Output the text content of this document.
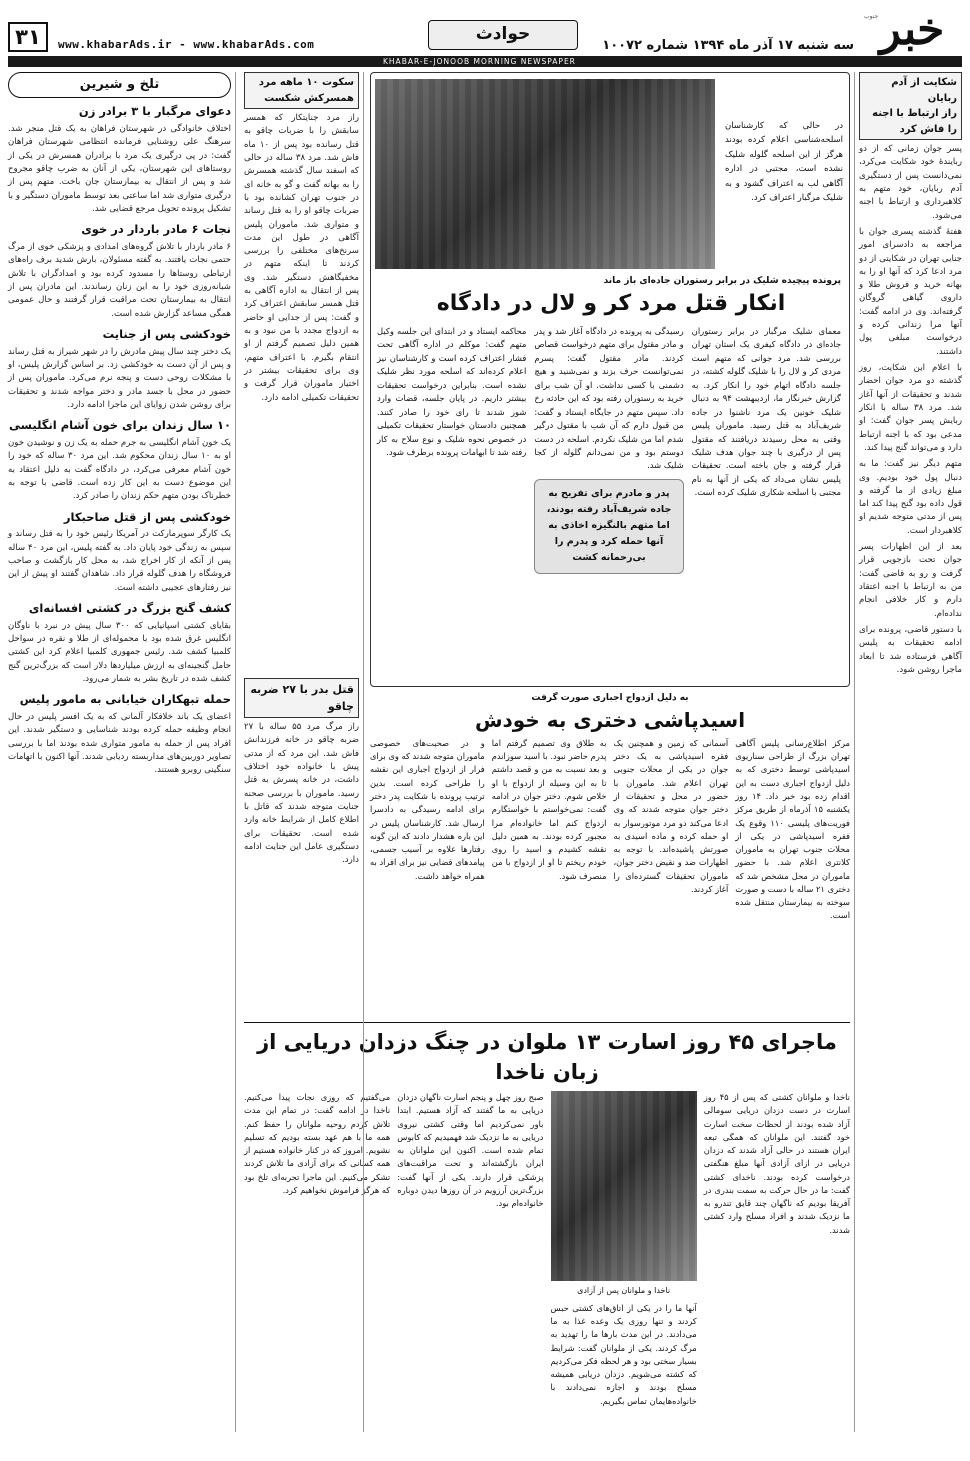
خبر
جنوب
سه شنبه ۱۷ آذر ماه ۱۳۹۴ شماره ۱۰۰۷۲
حوادث
www.khabarAds.ir - www.khabarAds.com
۳۱
KHABAR-E-JONOOB MORNING NEWSPAPER
شکایت از آدم ربایان
راز ارتباط با اجنه
را فاش کرد

پسر جوان زمانی که از دو ربایندهٔ خود شکایت می‌کرد، نمی‌دانست پس از دستگیری آدم ربایان، خود متهم به کلاهبرداری و ارتباط با اجنه می‌شود.

هفتهٔ گذشته پسری جوان با مراجعه به دادسرای امور جنایی تهران در شکایتی از دو مرد ادعا کرد که آنها او را به بهانه خرید و فروش طلا و داروی گیاهی گروگان گرفته‌اند. وی در ادامه گفت: آنها مرا زندانی کرده و درخواست مبلغی پول داشتند.

با اعلام این شکایت، روز گذشته دو مرد جوان احضار شدند و تحقیقات از آنها آغاز شد. مرد ۳۸ ساله با انکار ربایش پسر جوان گفت: او مدعی بود که با اجنه ارتباط دارد و می‌تواند گنج پیدا کند.

متهم دیگر نیز گفت: ما به دنبال پول خود بودیم. وی مبلغ زیادی از ما گرفته و قول داده بود گنج پیدا کند اما پس از مدتی متوجه شدیم او کلاهبردار است.

بعد از این اظهارات پسر جوان تحت بازجویی قرار گرفت و رو به قاضی گفت: من به ارتباط با اجنه اعتقاد دارم و کار خلافی انجام نداده‌ام.

با دستور قاضی، پرونده برای ادامه تحقیقات به پلیس آگاهی فرستاده شد تا ابعاد ماجرا روشن شود.

در حالی که کارشناسان اسلحه‌شناسی اعلام کرده بودند هرگز از این اسلحه گلوله شلیک نشده است، مجتبی در اداره آگاهی لب به اعتراف گشود و به شلیک مرگبار اعتراف کرد.
پرونده پیچیده شلیک در برابر رستوران جاده‌ای باز ماند
انکار قتل مرد کر و لال در دادگاه
معمای شلیک مرگبار در برابر رستوران جاده‌ای در دادگاه کیفری یک استان تهران بررسی شد. مرد جوانی که متهم است مردی کر و لال را با شلیک گلوله کشته، در جلسه دادگاه اتهام خود را انکار کرد. به گزارش خبرنگار ما، اردیبهشت ۹۴ به دنبال شلیک خونین یک مرد ناشنوا در جاده شریف‌آباد به قتل رسید. ماموران پلیس وقتی به محل رسیدند دریافتند که مقتول پس از درگیری با چند جوان هدف شلیک قرار گرفته و جان باخته است. تحقیقات پلیس نشان می‌داد که یکی از آنها به نام مجتبی با اسلحه شکاری شلیک کرده است.
رسیدگی به پرونده در دادگاه آغاز شد و پدر و مادر مقتول برای متهم درخواست قصاص کردند. مادر مقتول گفت: پسرم نمی‌توانست حرف بزند و نمی‌شنید و هیچ دشمنی با کسی نداشت. او آن شب برای خرید به رستوران رفته بود که این حادثه رخ داد. سپس متهم در جایگاه ایستاد و گفت: من قبول دارم که آن شب با مقتول درگیر شدم اما من شلیک نکردم. اسلحه در دست دوستم بود و من نمی‌دانم گلوله از کجا شلیک شد.
پدر و مادرم برای تفریح به جاده شریف‌آباد رفته بودند، اما متهم بالنگیزه اخاذی به آنها حمله کرد و پدرم را بی‌رحمانه کشت
محاکمه ایستاد و در ابتدای این جلسه وکیل متهم گفت: موکلم در اداره آگاهی تحت فشار اعتراف کرده است و کارشناسان نیز اعلام کرده‌اند که اسلحه مورد نظر شلیک نشده است. بنابراین درخواست تحقیقات بیشتر داریم. در پایان جلسه، قضات وارد شور شدند تا رای خود را صادر کنند. همچنین دادستان خواستار تحقیقات تکمیلی در خصوص نحوه شلیک و نوع سلاح به کار رفته شد تا ابهامات پرونده برطرف شود.
به دلیل ازدواج اجباری صورت گرفت
اسیدپاشی دختری به خودش
مرکز اطلاع‌رسانی پلیس آگاهی تهران بزرگ از طراحی سناریوی اسیدپاشی توسط دختری که به دلیل ازدواج اجباری دست به این اقدام زده بود خبر داد. ۱۴ روز یکشنبه ۱۵ آذرماه از طریق مرکز فوریت‌های پلیسی ۱۱۰ وقوع یک فقره اسیدپاشی در یکی از محلات جنوب تهران به ماموران کلانتری اعلام شد. با حضور ماموران در محل مشخص شد که دختری ۲۱ ساله با دست و صورت سوخته به بیمارستان منتقل شده است.
آسمانی که زمین و همچنین یک فقره اسیدپاشی به یک دختر جوان در یکی از محلات جنوبی تهران اعلام شد. ماموران با حضور در محل و تحقیقات از دختر جوان متوجه شدند که وی ادعا می‌کند دو مرد موتورسوار به او حمله کرده و ماده اسیدی به صورتش پاشیده‌اند. با توجه به اظهارات ضد و نقیض دختر جوان، ماموران تحقیقات گسترده‌ای را آغاز کردند.
به طلاق وی تصمیم گرفتم اما پدرم حاضر نبود. با اسید سوزاندم و بعد نسبت به من و قصد داشتم تا به این وسیله از ازدواج با او خلاص شوم. دختر جوان در ادامه گفت: نمی‌خواستم با خواستگارم ازدواج کنم اما خانواده‌ام مرا مجبور کرده بودند. به همین دلیل نقشه کشیدم و اسید را روی خودم ریختم تا او از ازدواج با من منصرف شود.
و در صحبت‌های خصوصی ماموران متوجه شدند که وی برای فرار از ازدواج اجباری این نقشه را طراحی کرده است. بدین ترتیب پرونده با شکایت پدر دختر برای ادامه رسیدگی به دادسرا ارسال شد. کارشناسان پلیس در این باره هشدار دادند که این گونه رفتارها علاوه بر آسیب جسمی، پیامدهای قضایی نیز برای افراد به همراه خواهد داشت.
ماجرای ۴۵ روز اسارت ۱۳ ملوان در چنگ دزدان دریایی از زبان ناخدا
ناخدا و ملوانان کشتی که پس از ۴۵ روز اسارت در دست دزدان دریایی سومالی آزاد شده بودند از لحظات سخت اسارت خود گفتند. این ملوانان که همگی تبعه ایران هستند در حالی آزاد شدند که دزدان دریایی در ازای آزادی آنها مبلغ هنگفتی درخواست کرده بودند. ناخدای کشتی گفت: ما در حال حرکت به سمت بندری در آفریقا بودیم که ناگهان چند قایق تندرو به ما نزدیک شدند و افراد مسلح وارد کشتی شدند.
ناخدا و ملوانان پس از آزادی
آنها ما را در یکی از اتاق‌های کشتی حبس کردند و تنها روزی یک وعده غذا به ما می‌دادند. در این مدت بارها ما را تهدید به مرگ کردند. یکی از ملوانان گفت: شرایط بسیار سختی بود و هر لحظه فکر می‌کردیم که کشته می‌شویم. دزدان دریایی همیشه مسلح بودند و اجازه نمی‌دادند با خانواده‌هایمان تماس بگیریم.
صبح روز چهل و پنجم اسارت ناگهان دزدان دریایی به ما گفتند که آزاد هستیم. ابتدا باور نمی‌کردیم اما وقتی کشتی نیروی دریایی به ما نزدیک شد فهمیدیم که کابوس تمام شده است. اکنون این ملوانان به ایران بازگشته‌اند و تحت مراقبت‌های پزشکی قرار دارند. یکی از آنها گفت: بزرگ‌ترین آرزویم در آن روزها دیدن دوباره خانواده‌ام بود.
می‌گفتیم که روزی نجات پیدا می‌کنیم. ناخدا در ادامه گفت: در تمام این مدت تلاش کردم روحیه ملوانان را حفظ کنم. همه ما با هم عهد بسته بودیم که تسلیم نشویم. امروز که در کنار خانواده هستیم از همه کسانی که برای آزادی ما تلاش کردند تشکر می‌کنیم. این ماجرا تجربه‌ای تلخ بود که هرگز فراموش نخواهیم کرد.
سکوت ۱۰ ماهه مرد
همسرکش شکست
راز مرد جنایتکار که همسر سابقش را با ضربات چاقو به قتل رسانده بود پس از ۱۰ ماه فاش شد. مرد ۳۸ ساله در حالی که اسفند سال گذشته همسرش را به بهانه گفت و گو به خانه ای در جنوب تهران کشانده بود با ضربات چاقو او را به قتل رساند و متواری شد. ماموران پلیس آگاهی در طول این مدت سرنخ‌های مختلفی را بررسی کردند تا اینکه متهم در مخفیگاهش دستگیر شد. وی پس از انتقال به اداره آگاهی به قتل همسر سابقش اعتراف کرد و گفت: پس از جدایی او حاضر به ازدواج مجدد با من نبود و به همین دلیل تصمیم گرفتم از او انتقام بگیرم. با اعتراف متهم، وی برای تحقیقات بیشتر در اختیار ماموران قرار گرفت و تحقیقات تکمیلی ادامه دارد.
قتل بدر با ۲۷ ضربه چاقو
راز مرگ مرد ۵۵ ساله با ۲۷ ضربه چاقو در خانه فرزندانش فاش شد. این مرد که از مدتی پیش با خانواده خود اختلاف داشت، در خانه پسرش به قتل رسید. ماموران با بررسی صحنه جنایت متوجه شدند که قاتل با اطلاع کامل از شرایط خانه وارد شده است. تحقیقات برای دستگیری عامل این جنایت ادامه دارد.
تلخ و شیرین
دعوای مرگبار با ۳ برادر زن
اختلاف خانوادگی در شهرستان فراهان به یک قتل منجر شد. سرهنگ علی روشنایی فرمانده انتظامی شهرستان فراهان گفت: در پی درگیری یک مرد با برادران همسرش در یکی از روستاهای این شهرستان، یکی از آنان به ضرب چاقو مجروح شد و پس از انتقال به بیمارستان جان باخت. متهم پس از درگیری متواری شد اما ساعتی بعد توسط ماموران دستگیر و با تشکیل پرونده تحویل مرجع قضایی شد.
نجات ۶ مادر باردار در خوی
۶ مادر باردار با تلاش گروه‌های امدادی و پزشکی خوی از مرگ حتمی نجات یافتند. به گفته مسئولان، بارش شدید برف راه‌های ارتباطی روستاها را مسدود کرده بود و امدادگران با تلاش شبانه‌روزی خود را به این زنان رساندند. این مادران پس از انتقال به بیمارستان تحت مراقبت قرار گرفتند و حال عمومی همگی مساعد گزارش شده است.
خودکشی پس از جنایت
یک دختر چند سال پیش مادرش را در شهر شیراز به قتل رساند و پس از آن دست به خودکشی زد. بر اساس گزارش پلیس، او با مشکلات روحی دست و پنجه نرم می‌کرد. ماموران پس از حضور در محل با جسد مادر و دختر مواجه شدند و تحقیقات برای روشن شدن زوایای این ماجرا ادامه دارد.
۱۰ سال زندان برای خون آشام انگلیسی
یک خون آشام انگلیسی به جرم حمله به یک زن و نوشیدن خون او به ۱۰ سال زندان محکوم شد. این مرد ۳۰ ساله که خود را خون آشام معرفی می‌کرد، در دادگاه گفت به دلیل اعتقاد به این موضوع دست به این کار زده است. قاضی با توجه به خطرناک بودن متهم حکم زندان را صادر کرد.
خودکشی پس از قتل صاحبکار
یک کارگر سوپرمارکت در آمریکا رئیس خود را به قتل رساند و سپس به زندگی خود پایان داد. به گفته پلیس، این مرد ۴۰ ساله پس از آنکه از کار اخراج شد، به محل کار بازگشت و صاحب فروشگاه را هدف گلوله قرار داد. شاهدان گفتند او پیش از این نیز رفتارهای عجیبی داشته است.
کشف گنج بزرگ در کشتی افسانه‌ای
بقایای کشتی اسپانیایی که ۳۰۰ سال پیش در نبرد با ناوگان انگلیس غرق شده بود با محموله‌ای از طلا و نقره در سواحل کلمبیا کشف شد. رئیس جمهوری کلمبیا اعلام کرد این کشتی حامل گنجینه‌ای به ارزش میلیاردها دلار است که بزرگ‌ترین گنج کشف شده در تاریخ بشر به شمار می‌رود.
حمله تبهکاران خیابانی به مامور پلیس
اعضای یک باند خلافکار آلمانی که به یک افسر پلیس در حال انجام وظیفه حمله کرده بودند شناسایی و دستگیر شدند. این افراد پس از حمله به مامور متواری شده بودند اما با بررسی تصاویر دوربین‌های مداربسته ردیابی شدند. آنها اکنون با اتهامات سنگینی روبرو هستند.
